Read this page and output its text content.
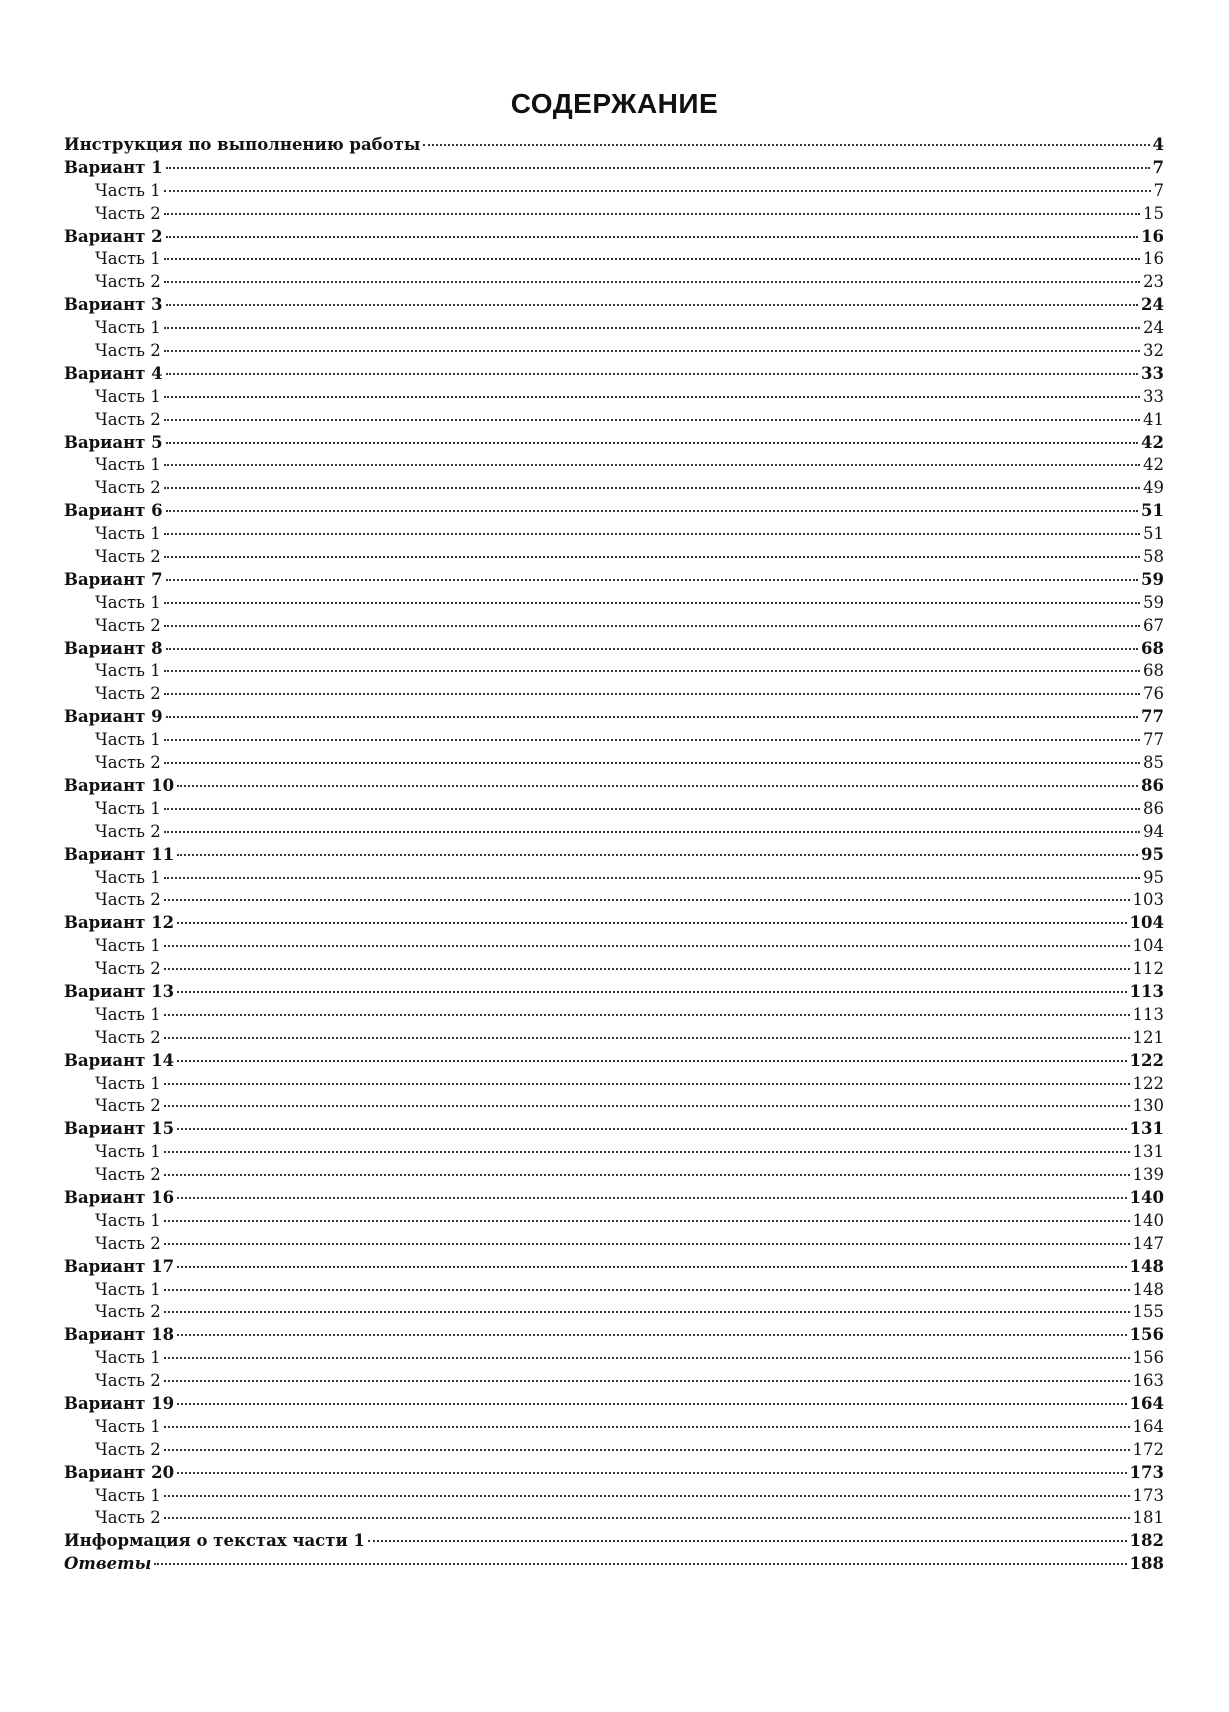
СОДЕРЖАНИЕ
Инструкция по выполнению работы	4
Вариант 1	7
Часть 1	7
Часть 2	15
Вариант 2	16
Часть 1	16
Часть 2	23
Вариант 3	24
Часть 1	24
Часть 2	32
Вариант 4	33
Часть 1	33
Часть 2	41
Вариант 5	42
Часть 1	42
Часть 2	49
Вариант 6	51
Часть 1	51
Часть 2	58
Вариант 7	59
Часть 1	59
Часть 2	67
Вариант 8	68
Часть 1	68
Часть 2	76
Вариант 9	77
Часть 1	77
Часть 2	85
Вариант 10	86
Часть 1	86
Часть 2	94
Вариант 11	95
Часть 1	95
Часть 2	103
Вариант 12	104
Часть 1	104
Часть 2	112
Вариант 13	113
Часть 1	113
Часть 2	121
Вариант 14	122
Часть 1	122
Часть 2	130
Вариант 15	131
Часть 1	131
Часть 2	139
Вариант 16	140
Часть 1	140
Часть 2	147
Вариант 17	148
Часть 1	148
Часть 2	155
Вариант 18	156
Часть 1	156
Часть 2	163
Вариант 19	164
Часть 1	164
Часть 2	172
Вариант 20	173
Часть 1	173
Часть 2	181
Информация о текстах части 1	182
Ответы	188
